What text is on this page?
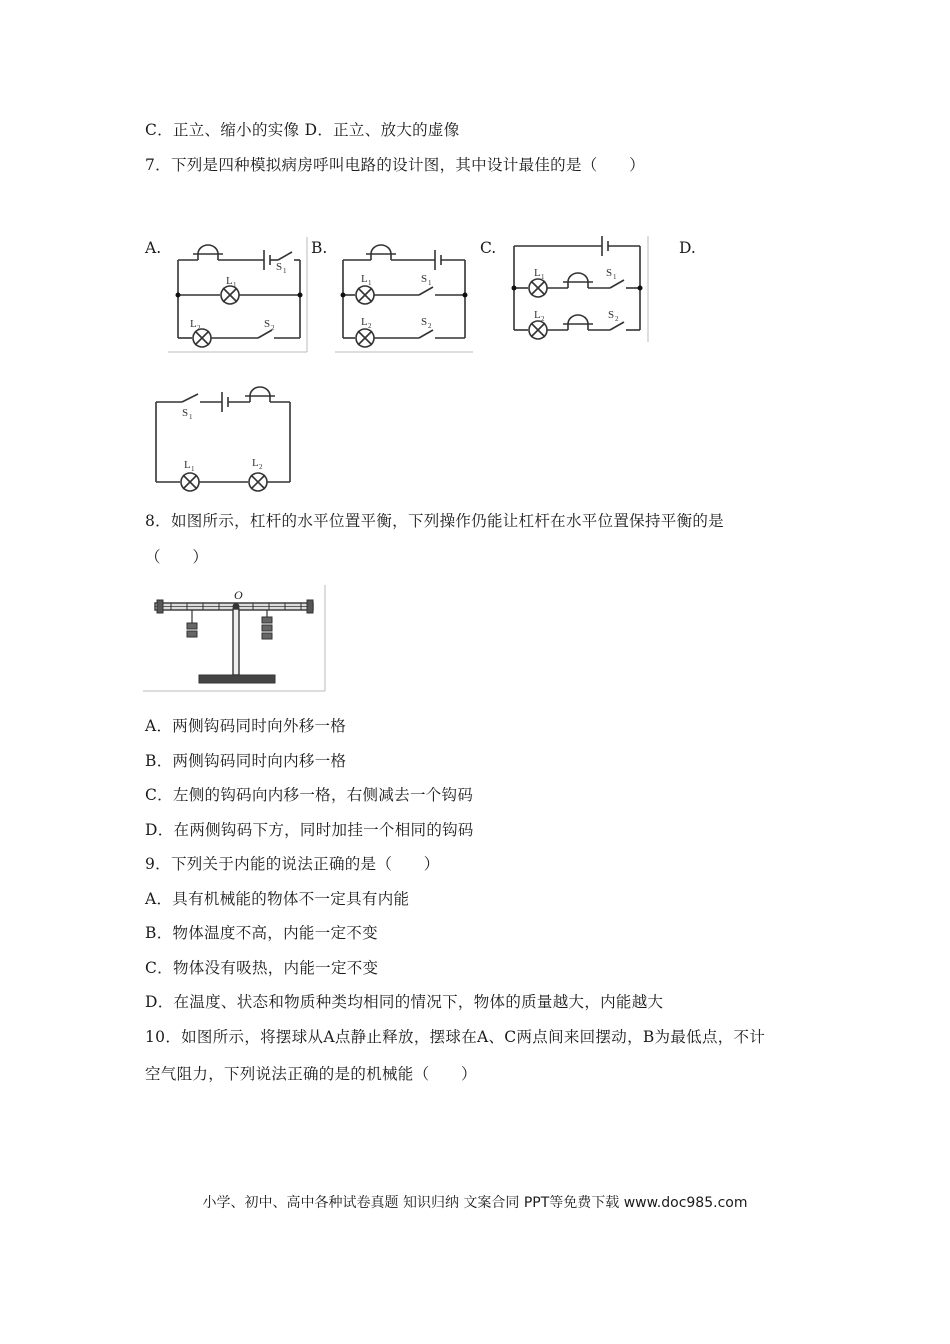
C．正立、缩小的实像 D．正立、放大的虚像
7．下列是四种模拟病房呼叫电路的设计图，其中设计最佳的是（　　）
A.	B.	C.	D.
L 1
S 1
L 2	S 2
L 1	S 1
L 2	S 2
L 1	S 1
L 2	S 2
S 1
L 1	L 2
8．如图所示，杠杆的水平位置平衡，下列操作仍能让杠杆在水平位置保持平衡的是
（　　）
O
A．两侧钩码同时向外移一格
B．两侧钩码同时向内移一格
C．左侧的钩码向内移一格，右侧减去一个钩码
D．在两侧钩码下方，同时加挂一个相同的钩码
9．下列关于内能的说法正确的是（　　）
A．具有机械能的物体不一定具有内能
B．物体温度不高，内能一定不变
C．物体没有吸热，内能一定不变
D．在温度、状态和物质种类均相同的情况下，物体的质量越大，内能越大
10．如图所示，将摆球从A点静止释放，摆球在A、C两点间来回摆动，B为最低点，不计
空气阻力，下列说法正确的是的机械能（　　）
小学、初中、高中各种试卷真题 知识归纳 文案合同 PPT等免费下载 www.doc985.com
